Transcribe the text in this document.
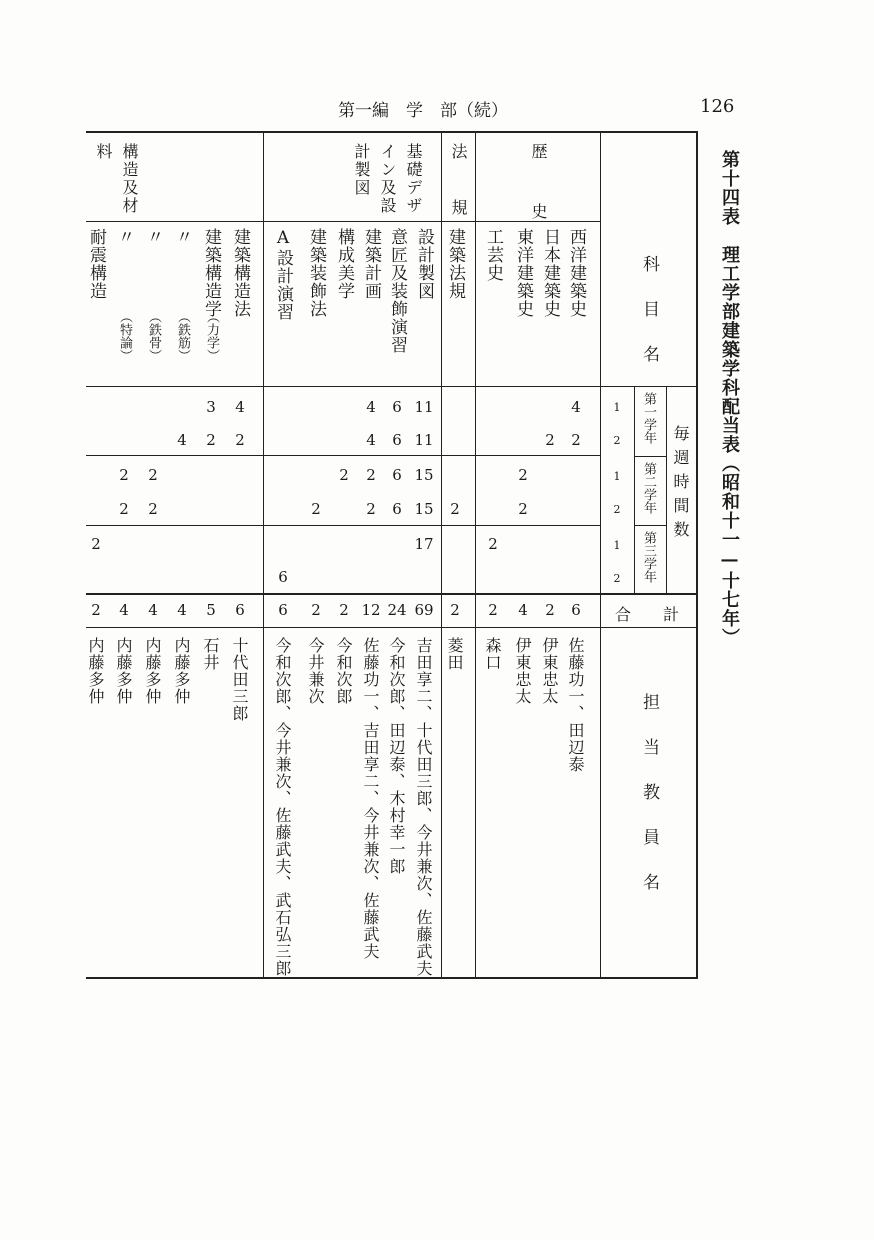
第一編　学　部（続）	126
第十四表　理工学部建築学科配当表（昭和十一—十七年）
科目名
毎週時間数
第一学年
第二学年
第三学年
1
2
1
2
1
2
合　　計
担当教員名
歴　史
法　規
基礎デザイン及設計製図
構造及材料
西洋建築史
4
2
6
佐藤功一、田辺泰
日本建築史
2
2
伊東忠太
東洋建築史
2
2
4
伊東忠太
工芸史
2
2
森口
建築法規
2
2
菱田
設計製図
11
11
15
15
17
69
吉田享二、十代田三郎、今井兼次、佐藤武夫
意匠及装飾演習
6
6
6
6
24
今和次郎、田辺泰、木村幸一郎
建築計画
4
4
2
2
12
佐藤功一、吉田享二、今井兼次、佐藤武夫
構成美学
2
2
今和次郎
建築装飾法
2
2
今井兼次
A設計演習
6
6
今和次郎、今井兼次、佐藤武夫、武石弘三郎
建築構造法
4
2
6
十代田三郎
建築構造学
（力学）
3
2
5
石井
〃
（鉄筋）
4
4
内藤多仲
〃
（鉄骨）
2
2
4
内藤多仲
〃
（特論）
2
2
4
内藤多仲
耐震構造
2
2
内藤多仲
